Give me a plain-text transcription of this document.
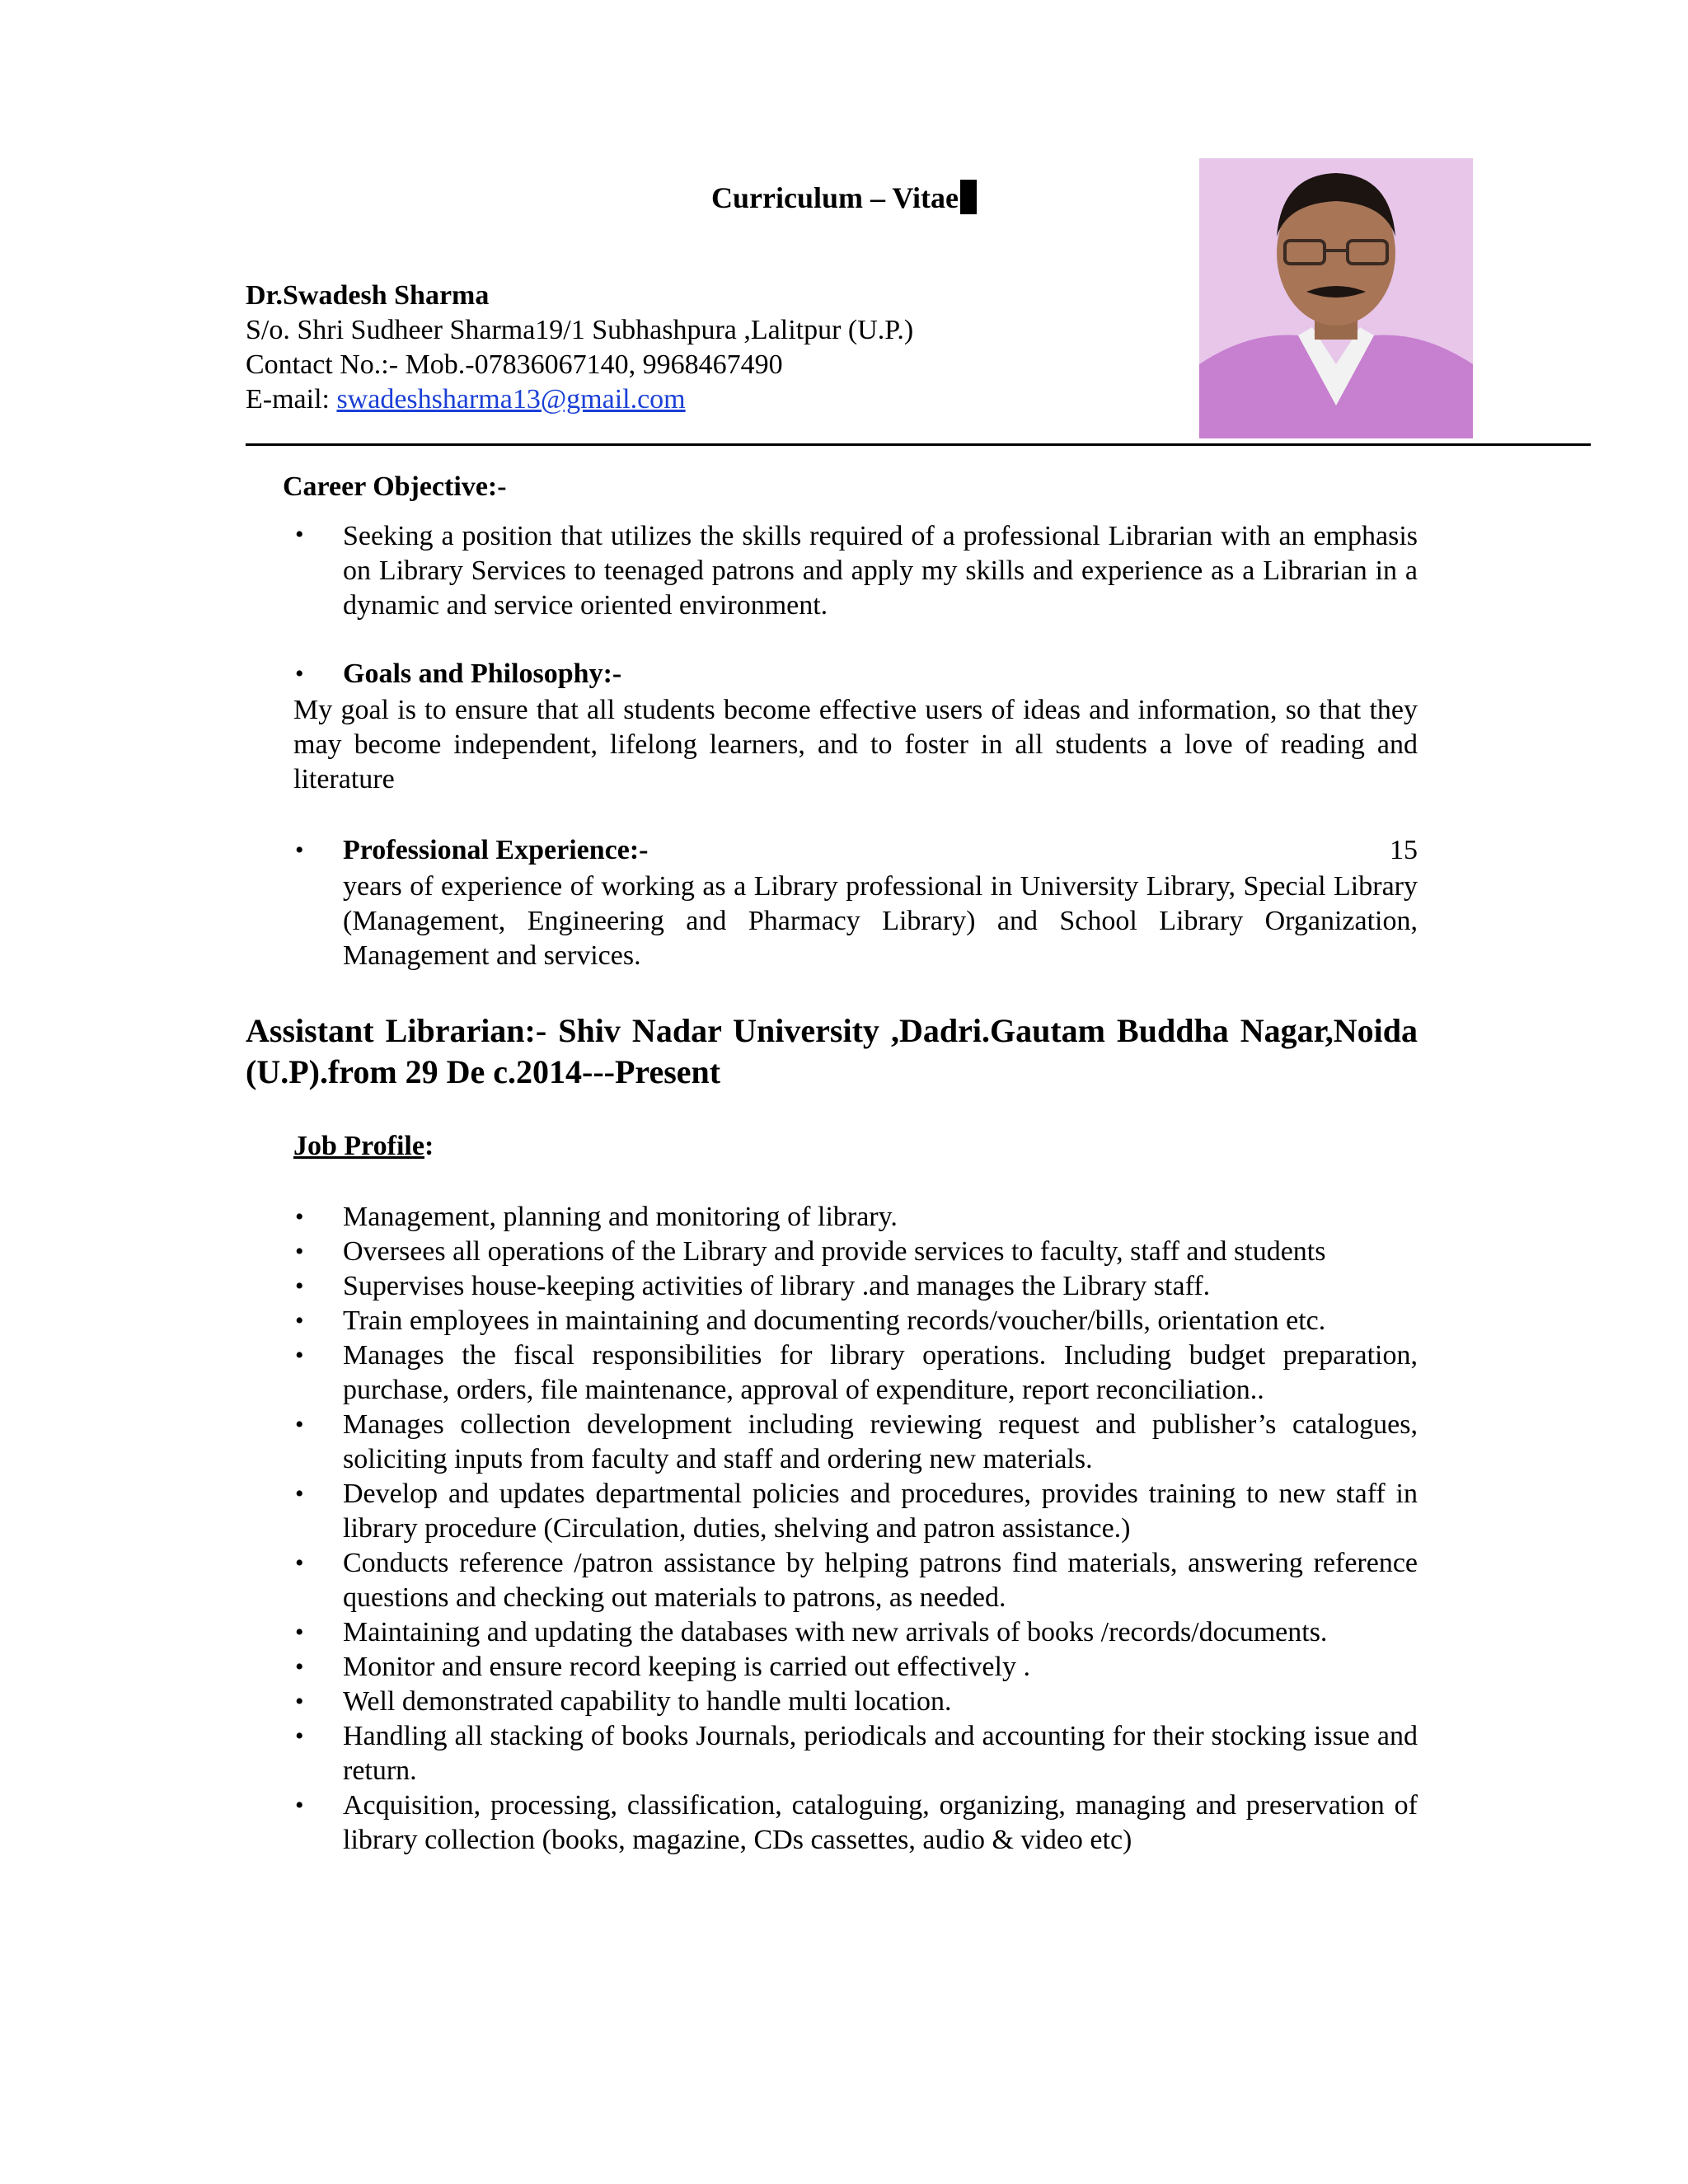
Curriculum – Vitae
Dr.Swadesh Sharma
S/o. Shri Sudheer Sharma19/1 Subhashpura ,Lalitpur (U.P.)
Contact No.:- Mob.-07836067140, 9968467490
E-mail: swadeshsharma13@gmail.com
Career Objective:-
• Seeking a position that utilizes the skills required of a professional Librarian with an emphasis on Library Services to teenaged patrons and apply my skills and experience as a Librarian in a dynamic and service oriented environment.
• Goals and Philosophy:-
My goal is to ensure that all students become effective users of ideas and information, so that they may become independent, lifelong learners, and to foster in all students a love of reading and literature
• Professional Experience:-	15
years of experience of working as a Library professional in University Library, Special Library (Management, Engineering and Pharmacy Library) and School Library Organization, Management and services.
Assistant Librarian:- Shiv Nadar University ,Dadri.Gautam Buddha Nagar,Noida (U.P).from 29 De c.2014---Present
Job Profile:
• Management, planning and monitoring of library.
• Oversees all operations of the Library and provide services to faculty, staff and students
• Supervises house-keeping activities of library .and manages the Library staff.
• Train employees in maintaining and documenting records/voucher/bills, orientation etc.
• Manages the fiscal responsibilities for library operations. Including budget preparation, purchase, orders, file maintenance, approval of expenditure, report reconciliation..
• Manages collection development including reviewing request and publisher’s catalogues, soliciting inputs from faculty and staff and ordering new materials.
• Develop and updates departmental policies and procedures, provides training to new staff in library procedure (Circulation, duties, shelving and patron assistance.)
• Conducts reference /patron assistance by helping patrons find materials, answering reference questions and checking out materials to patrons, as needed.
• Maintaining and updating the databases with new arrivals of books /records/documents.
• Monitor and ensure record keeping is carried out effectively .
• Well demonstrated capability to handle multi location.
• Handling all stacking of books Journals, periodicals and accounting for their stocking issue and return.
• Acquisition, processing, classification, cataloguing, organizing, managing and preservation of library collection (books, magazine, CDs cassettes, audio & video etc)
